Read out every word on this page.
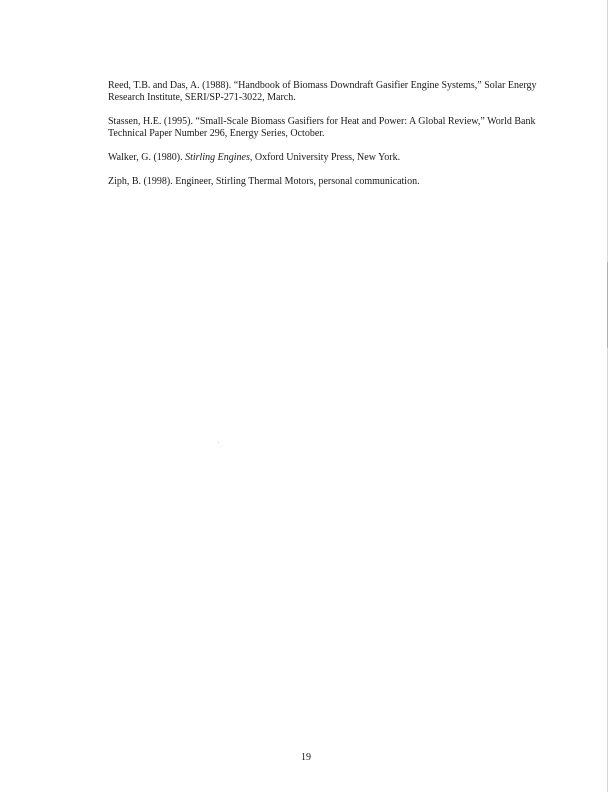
Reed, T.B. and Das, A. (1988). “Handbook of Biomass Downdraft Gasifier Engine Systems,” Solar Energy Research Institute, SERI/SP-271-3022, March.

Stassen, H.E. (1995). “Small-Scale Biomass Gasifiers for Heat and Power: A Global Review,” World Bank Technical Paper Number 296, Energy Series, October.

Walker, G. (1980). Stirling Engines, Oxford University Press, New York.

Ziph, B. (1998). Engineer, Stirling Thermal Motors, personal communication.

19
